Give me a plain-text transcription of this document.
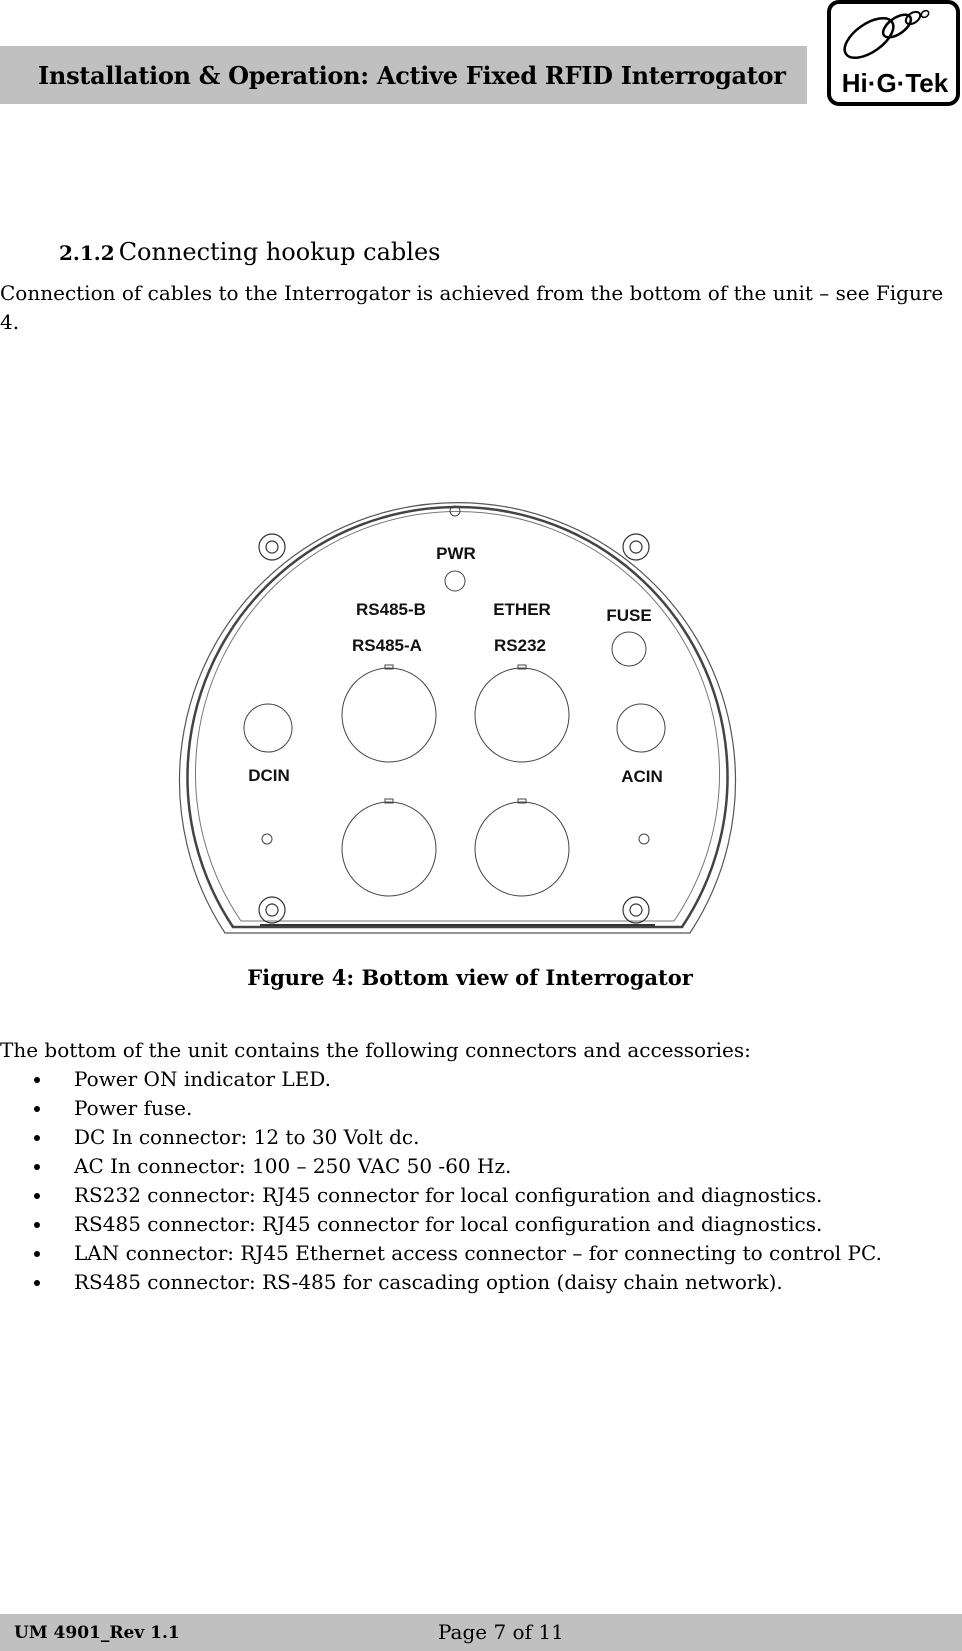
Installation & Operation: Active Fixed RFID Interrogator Hi·G·Tek
2.1.2 Connecting hookup cables
Connection of cables to the Interrogator is achieved from the bottom of the unit – see Figure 4.
PWR
RS485-B	ETHER	FUSE
RS485-A	RS232
DCIN	ACIN
Figure 4: Bottom view of Interrogator
The bottom of the unit contains the following connectors and accessories:
Power ON indicator LED.
Power fuse.
DC In connector: 12 to 30 Volt dc.
AC In connector: 100 – 250 VAC 50 -60 Hz.
RS232 connector: RJ45 connector for local configuration and diagnostics.
RS485 connector: RJ45 connector for local configuration and diagnostics.
LAN connector: RJ45 Ethernet access connector – for connecting to control PC.
RS485 connector: RS-485 for cascading option (daisy chain network).
UM 4901_Rev 1.1	Page 7 of 11
